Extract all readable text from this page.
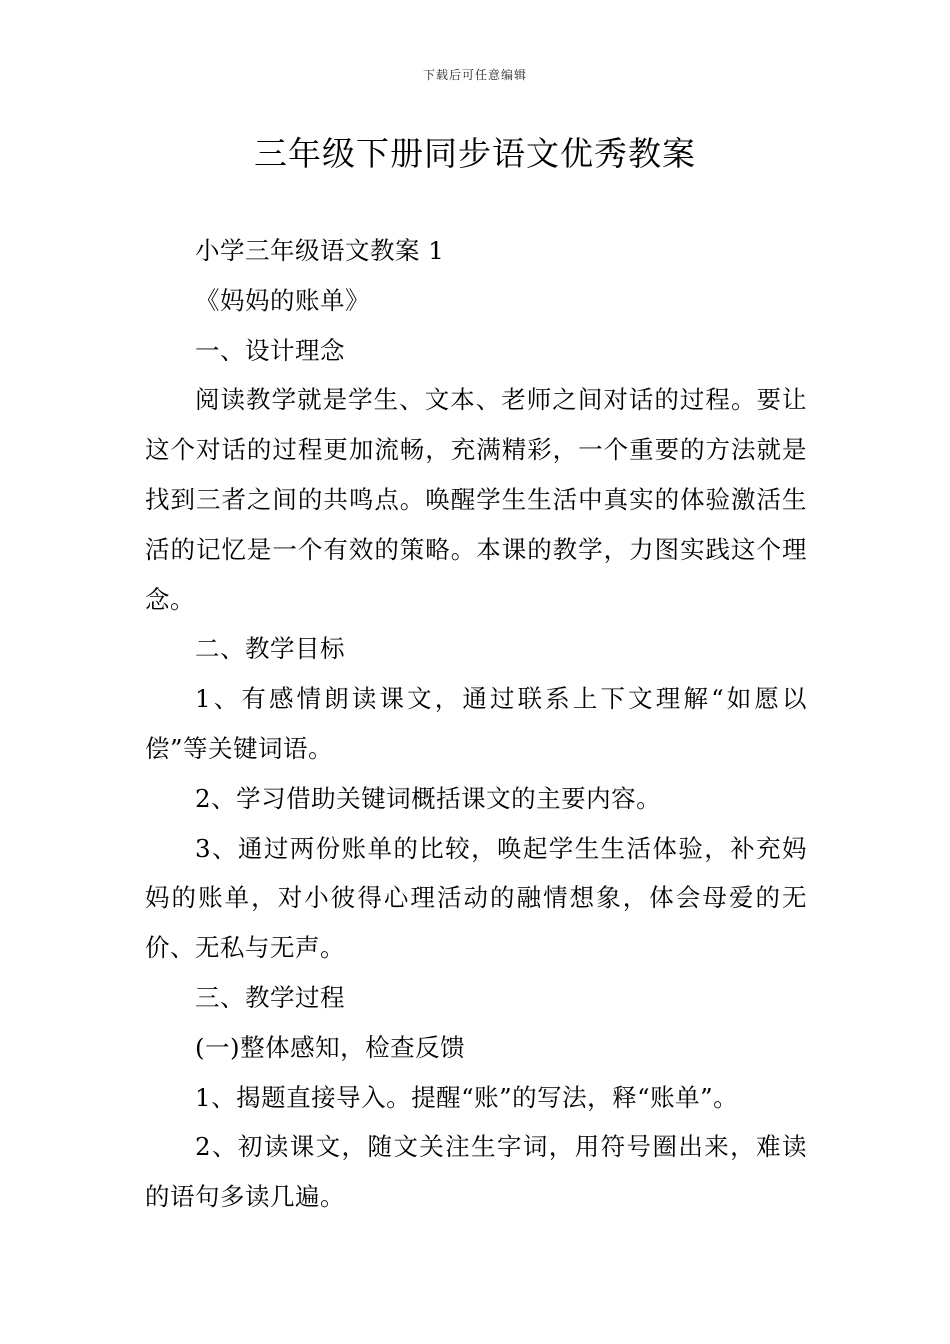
下载后可任意编辑
三年级下册同步语文优秀教案

小学三年级语文教案 1

《妈妈的账单》

一、设计理念

阅读教学就是学生、文本、老师之间对话的过程。要让这个对话的过程更加流畅，充满精彩，一个重要的方法就是找到三者之间的共鸣点。唤醒学生生活中真实的体验激活生活的记忆是一个有效的策略。本课的教学，力图实践这个理念。

二、教学目标

1、有感情朗读课文，通过联系上下文理解“如愿以偿”等关键词语。

2、学习借助关键词概括课文的主要内容。

3、通过两份账单的比较，唤起学生生活体验，补充妈妈的账单，对小彼得心理活动的融情想象，体会母爱的无价、无私与无声。

三、教学过程

(一)整体感知，检查反馈

1、揭题直接导入。提醒“账”的写法，释“账单”。

2、初读课文，随文关注生字词，用符号圈出来，难读的语句多读几遍。
